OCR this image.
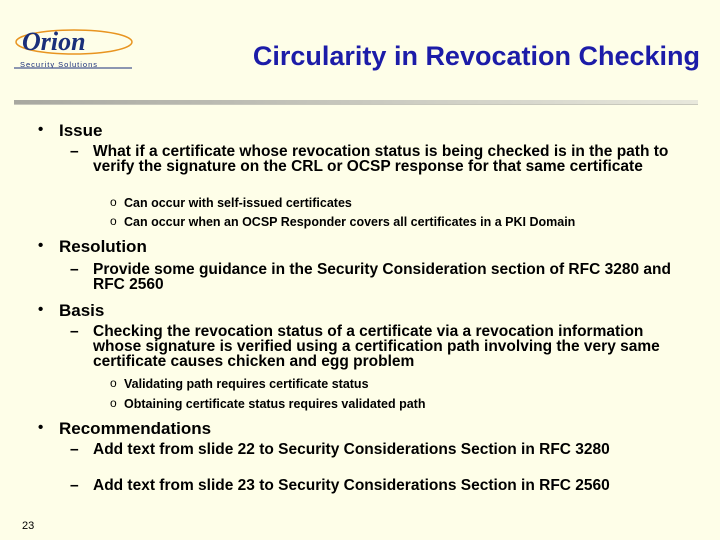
Orion
Security Solutions	Circularity in Revocation Checking
• Issue
– What if a certificate whose revocation status is being checked is in the path to verify the signature on the CRL or OCSP response for that same certificate
o Can occur with self-issued certificates
o Can occur when an OCSP Responder covers all certificates in a PKI Domain
• Resolution
– Provide some guidance in the Security Consideration section of RFC 3280 and RFC 2560
• Basis
– Checking the revocation status of a certificate via a revocation information whose signature is verified using a certification path involving the very same certificate causes chicken and egg problem
o Validating path requires certificate status
o Obtaining certificate status requires validated path
• Recommendations
– Add text from slide 22 to Security Considerations Section in RFC 3280
– Add text from slide 23 to Security Considerations Section in RFC 2560
23
